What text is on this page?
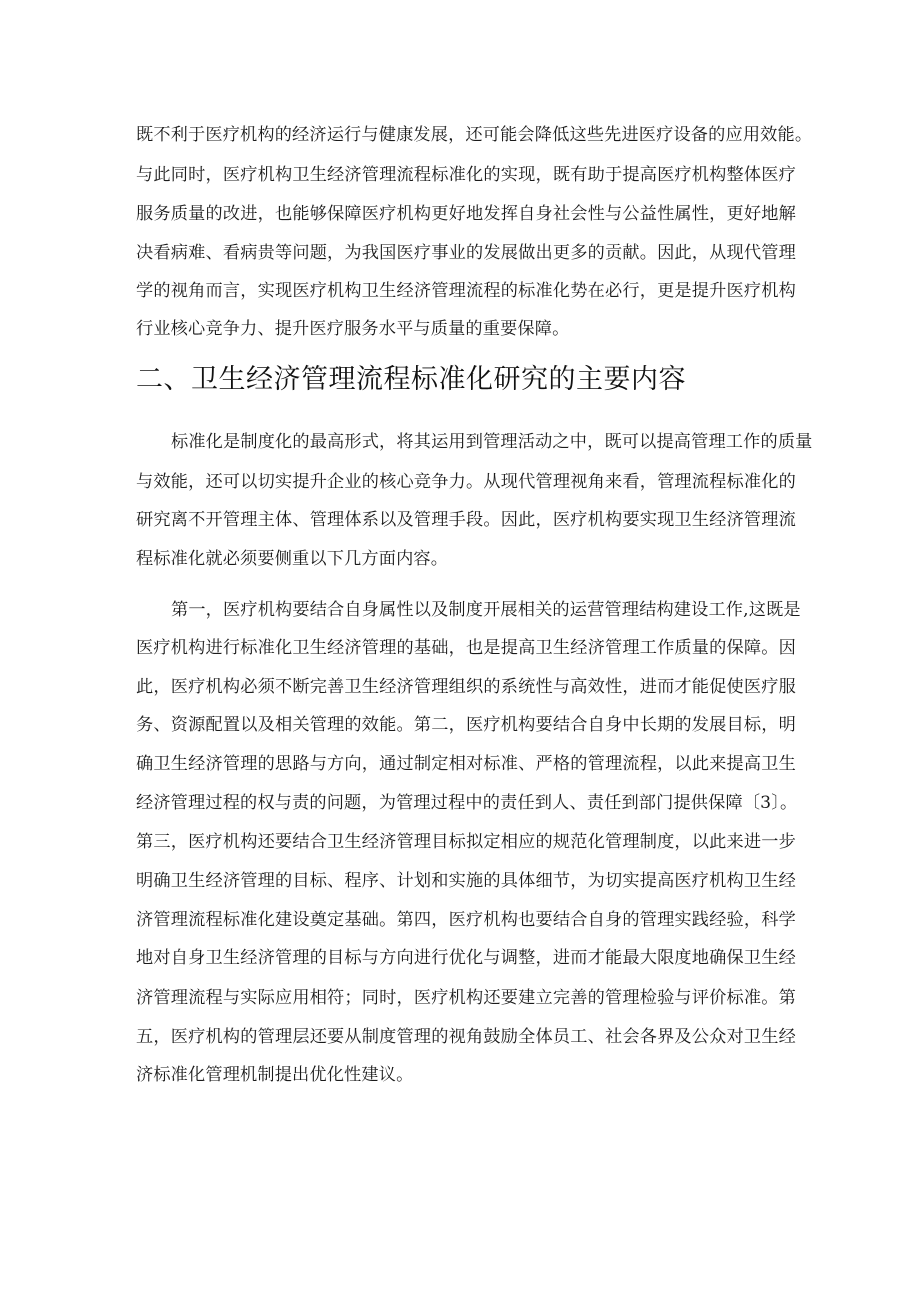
既不利于医疗机构的经济运行与健康发展，还可能会降低这些先进医疗设备的应用效能。
与此同时，医疗机构卫生经济管理流程标准化的实现，既有助于提高医疗机构整体医疗
服务质量的改进，也能够保障医疗机构更好地发挥自身社会性与公益性属性，更好地解
决看病难、看病贵等问题，为我国医疗事业的发展做出更多的贡献。因此，从现代管理
学的视角而言，实现医疗机构卫生经济管理流程的标准化势在必行，更是提升医疗机构
行业核心竞争力、提升医疗服务水平与质量的重要保障。
二、卫生经济管理流程标准化研究的主要内容
标准化是制度化的最高形式，将其运用到管理活动之中，既可以提高管理工作的质量
与效能，还可以切实提升企业的核心竞争力。从现代管理视角来看，管理流程标准化的
研究离不开管理主体、管理体系以及管理手段。因此，医疗机构要实现卫生经济管理流
程标准化就必须要侧重以下几方面内容。
第一，医疗机构要结合自身属性以及制度开展相关的运营管理结构建设工作,这既是
医疗机构进行标准化卫生经济管理的基础，也是提高卫生经济管理工作质量的保障。因
此，医疗机构必须不断完善卫生经济管理组织的系统性与高效性，进而才能促使医疗服
务、资源配置以及相关管理的效能。第二，医疗机构要结合自身中长期的发展目标，明
确卫生经济管理的思路与方向，通过制定相对标准、严格的管理流程，以此来提高卫生
经济管理过程的权与责的问题，为管理过程中的责任到人、责任到部门提供保障〔3〕。
第三，医疗机构还要结合卫生经济管理目标拟定相应的规范化管理制度，以此来进一步
明确卫生经济管理的目标、程序、计划和实施的具体细节，为切实提高医疗机构卫生经
济管理流程标准化建设奠定基础。第四，医疗机构也要结合自身的管理实践经验，科学
地对自身卫生经济管理的目标与方向进行优化与调整，进而才能最大限度地确保卫生经
济管理流程与实际应用相符；同时，医疗机构还要建立完善的管理检验与评价标准。第
五，医疗机构的管理层还要从制度管理的视角鼓励全体员工、社会各界及公众对卫生经
济标准化管理机制提出优化性建议。
